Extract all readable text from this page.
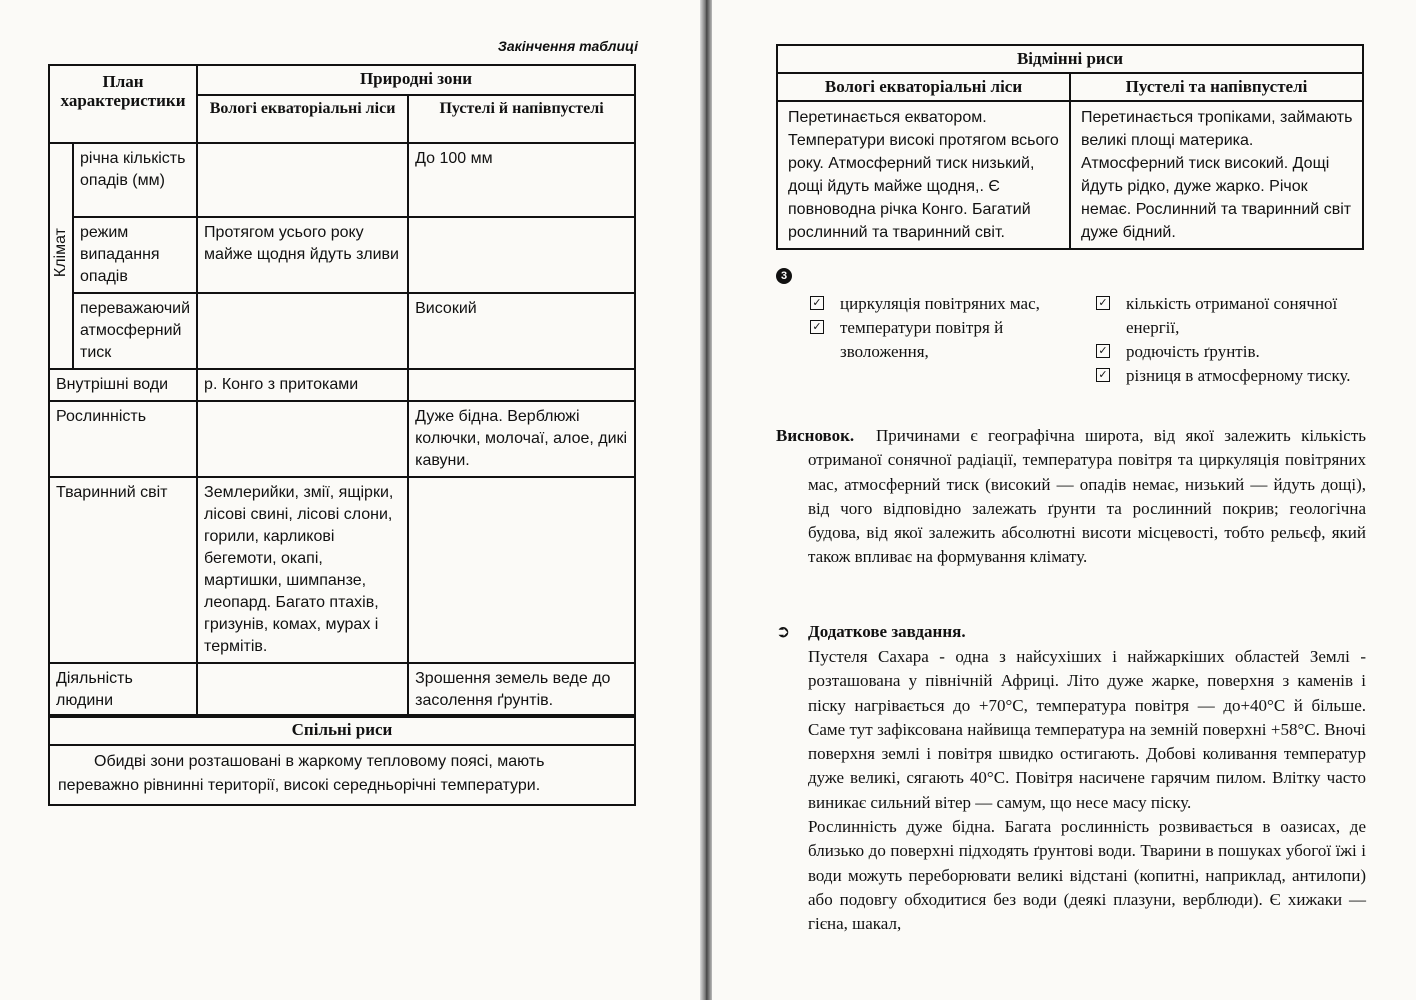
Закінчення таблиці
План характеристики		Природні зони	
		Вологі екваторіальні ліси	Пустелі й напівпустелі
Клімат	річна кількість опадів (мм)		До 100 мм
	режим випадання опадів	Протягом усього року майже щодня йдуть зливи	
	переважаючий атмосферний тиск		Високий
Внутрішні води		р. Конго з притоками	
Рослинність			Дуже бідна. Верблюжі колючки, молочаї, алое, дикі кавуни.
Тваринний світ		Землерийки, змії, ящірки, лісові свині, лісові слони, горили, карликові бегемоти, окапі, мартишки, шимпанзе, леопард. Багато птахів, гризунів, комах, мурах і термітів.	
Діяльність людини			Зрошення земель веде до засолення ґрунтів.
Спільні риси
Обидві зони розташовані в жаркому тепловому поясі, мають переважно рівнинні території, високі середньорічні температури.
Відмінні риси	
Вологі екваторіальні ліси	Пустелі та напівпустелі
Перетинається екватором. Температури високі протягом всього року. Атмосферний тиск низький, дощі йдуть майже щодня,. Є повноводна річка Конго. Багатий рослинний та тваринний світ.	Перетинається тропіками, займають великі площі материка. Атмосферний тиск високий. Дощі йдуть рідко, дуже жарко. Річок немає. Рослинний та тваринний світ дуже бідний.
3
✓ циркуляція повітряних мас,
✓ температури повітря й зволоження,
✓ кількість отриманої сонячної енергії,
✓ родючість ґрунтів.
✓ різниця в атмосферному тиску.
Висновок.	Причинами є географічна широта, від якої залежить кількість отриманої сонячної радіації, температура повітря та циркуляція повітряних мас, атмосферний тиск (високий — опадів немає, низький — йдуть дощі), від чого відповідно залежать ґрунти та рослинний покрив; геологічна будова, від якої залежить абсолютні висоти місцевості, тобто рельєф, який також впливає на формування клімату.
➲ Додаткове завдання.

Пустеля Сахара - одна з найсухіших і найжаркіших областей Землі - розташована у північній Африці. Літо дуже жарке, поверхня з каменів і піску нагрівається до +70°С, температура повітря — до+40°С й більше. Саме тут зафіксована найвища температура на земній поверхні +58°С. Вночі поверхня землі і повітря швидко остигають. Добові коливання температур дуже великі, сягають 40°С. Повітря насичене гарячим пилом. Влітку часто виникає сильний вітер — самум, що несе масу піску.

Рослинність дуже бідна. Багата рослинність розвивається в оазисах, де близько до поверхні підходять ґрунтові води. Тварини в пошуках убогої їжі і води можуть переборювати великі відстані (копитні, наприклад, антилопи) або подовгу обходитися без води (деякі плазуни, верблюди). Є хижаки — гієна, шакал,
